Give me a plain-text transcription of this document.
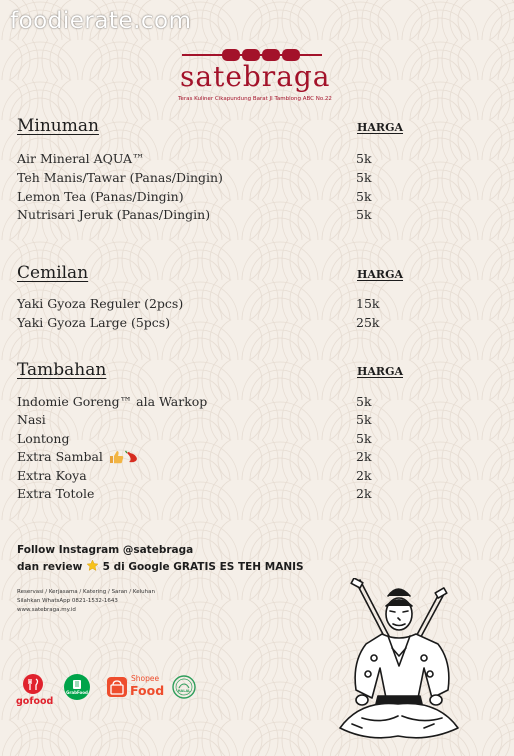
foodierate.com
satebraga
Teras Kuliner Cikapundung Barat Jl Tamblong ABC No.22
Minuman	HARGA
Air Mineral AQUA™	5k
Teh Manis/Tawar (Panas/Dingin)	5k
Lemon Tea (Panas/Dingin)	5k
Nutrisari Jeruk (Panas/Dingin)	5k
Cemilan	HARGA
Yaki Gyoza Reguler (2pcs)	15k
Yaki Gyoza Large (5pcs)	25k
Tambahan	HARGA
Indomie Goreng™ ala Warkop	5k
Nasi	5k
Lontong	5k
Extra Sambal	2k
Extra Koya	2k
Extra Totole	2k
Follow Instagram @satebraga
dan review 5 di Google GRATIS ES TEH MANIS
Reservasi / Kerjasama / Katering / Saran / Keluhan
Silahkan WhatsApp 0821-1532-1643
www.satebraga.my.id
gofood
GrabFood
Shopee
Food	HALAL
